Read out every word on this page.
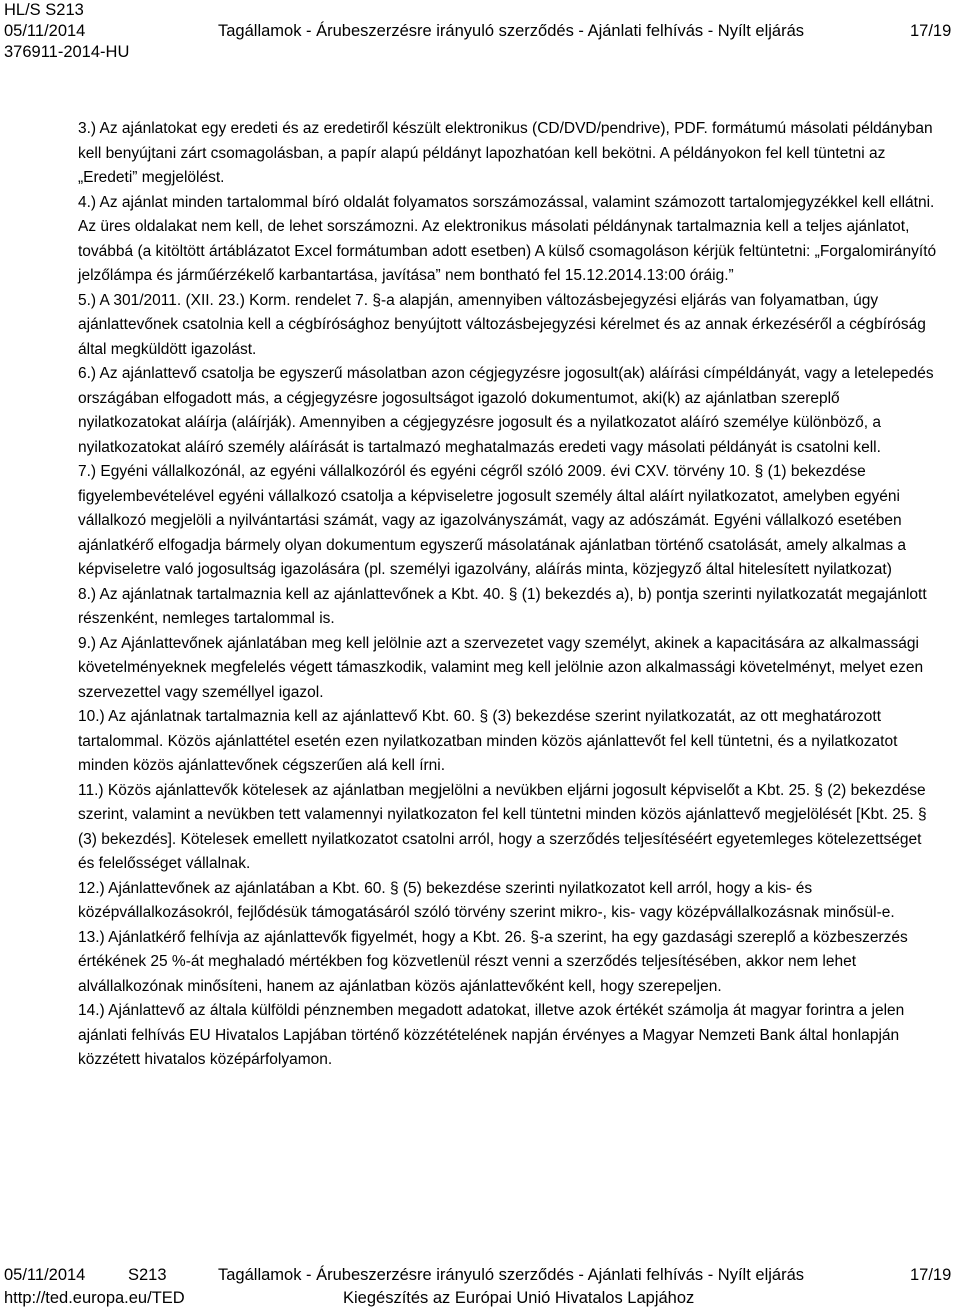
HL/S S213
05/11/2014	Tagállamok - Árubeszerzésre irányuló szerződés - Ajánlati felhívás - Nyílt eljárás	17/19
376911-2014-HU

3.) Az ajánlatokat egy eredeti és az eredetiről készült elektronikus (CD/DVD/pendrive), PDF. formátumú másolati példányban kell benyújtani zárt csomagolásban, a papír alapú példányt lapozhatóan kell bekötni. A példányokon fel kell tüntetni az „Eredeti” megjelölést.

4.) Az ajánlat minden tartalommal bíró oldalát folyamatos sorszámozással, valamint számozott tartalomjegyzékkel kell ellátni. Az üres oldalakat nem kell, de lehet sorszámozni. Az elektronikus másolati példánynak tartalmaznia kell a teljes ajánlatot, továbbá (a kitöltött ártáblázatot Excel formátumban adott esetben) A külső csomagoláson kérjük feltüntetni: „Forgalomirányító jelzőlámpa és járműérzékelő karbantartása, javítása” nem bontható fel 15.12.2014.13:00 óráig.”

5.) A 301/2011. (XII. 23.) Korm. rendelet 7. §-a alapján, amennyiben változásbejegyzési eljárás van folyamatban, úgy ajánlattevőnek csatolnia kell a cégbírósághoz benyújtott változásbejegyzési kérelmet és az annak érkezéséről a cégbíróság által megküldött igazolást.

6.) Az ajánlattevő csatolja be egyszerű másolatban azon cégjegyzésre jogosult(ak) aláírási címpéldányát, vagy a letelepedés országában elfogadott más, a cégjegyzésre jogosultságot igazoló dokumentumot, aki(k) az ajánlatban szereplő nyilatkozatokat aláírja (aláírják). Amennyiben a cégjegyzésre jogosult és a nyilatkozatot aláíró személye különböző, a nyilatkozatokat aláíró személy aláírását is tartalmazó meghatalmazás eredeti vagy másolati példányát is csatolni kell.

7.) Egyéni vállalkozónál, az egyéni vállalkozóról és egyéni cégről szóló 2009. évi CXV. törvény 10. § (1) bekezdése figyelembevételével egyéni vállalkozó csatolja a képviseletre jogosult személy által aláírt nyilatkozatot, amelyben egyéni vállalkozó megjelöli a nyilvántartási számát, vagy az igazolványszámát, vagy az adószámát. Egyéni vállalkozó esetében ajánlatkérő elfogadja bármely olyan dokumentum egyszerű másolatának ajánlatban történő csatolását, amely alkalmas a képviseletre való jogosultság igazolására (pl. személyi igazolvány, aláírás minta, közjegyző által hitelesített nyilatkozat)

8.) Az ajánlatnak tartalmaznia kell az ajánlattevőnek a Kbt. 40. § (1) bekezdés a), b) pontja szerinti nyilatkozatát megajánlott részenként, nemleges tartalommal is.

9.) Az Ajánlattevőnek ajánlatában meg kell jelölnie azt a szervezetet vagy személyt, akinek a kapacitására az alkalmassági követelményeknek megfelelés végett támaszkodik, valamint meg kell jelölnie azon alkalmassági követelményt, melyet ezen szervezettel vagy személlyel igazol.

10.) Az ajánlatnak tartalmaznia kell az ajánlattevő Kbt. 60. § (3) bekezdése szerint nyilatkozatát, az ott meghatározott tartalommal. Közös ajánlattétel esetén ezen nyilatkozatban minden közös ajánlattevőt fel kell tüntetni, és a nyilatkozatot minden közös ajánlattevőnek cégszerűen alá kell írni.

11.) Közös ajánlattevők kötelesek az ajánlatban megjelölni a nevükben eljárni jogosult képviselőt a Kbt. 25. § (2) bekezdése szerint, valamint a nevükben tett valamennyi nyilatkozaton fel kell tüntetni minden közös ajánlattevő megjelölését [Kbt. 25. § (3) bekezdés]. Kötelesek emellett nyilatkozatot csatolni arról, hogy a szerződés teljesítéséért egyetemleges kötelezettséget és felelősséget vállalnak.

12.) Ajánlattevőnek az ajánlatában a Kbt. 60. § (5) bekezdése szerinti nyilatkozatot kell arról, hogy a kis- és középvállalkozásokról, fejlődésük támogatásáról szóló törvény szerint mikro-, kis- vagy középvállalkozásnak minősül-e.

13.) Ajánlatkérő felhívja az ajánlattevők figyelmét, hogy a Kbt. 26. §-a szerint, ha egy gazdasági szereplő a közbeszerzés értékének 25 %-át meghaladó mértékben fog közvetlenül részt venni a szerződés teljesítésében, akkor nem lehet alvállalkozónak minősíteni, hanem az ajánlatban közös ajánlattevőként kell, hogy szerepeljen.

14.) Ajánlattevő az általa külföldi pénznemben megadott adatokat, illetve azok értékét számolja át magyar forintra a jelen ajánlati felhívás EU Hivatalos Lapjában történő közzétételének napján érvényes a Magyar Nemzeti Bank által honlapján közzétett hivatalos középárfolyamon.

05/11/2014	S213	Tagállamok - Árubeszerzésre irányuló szerződés - Ajánlati felhívás - Nyílt eljárás	17/19
http://ted.europa.eu/TED	Kiegészítés az Európai Unió Hivatalos Lapjához
